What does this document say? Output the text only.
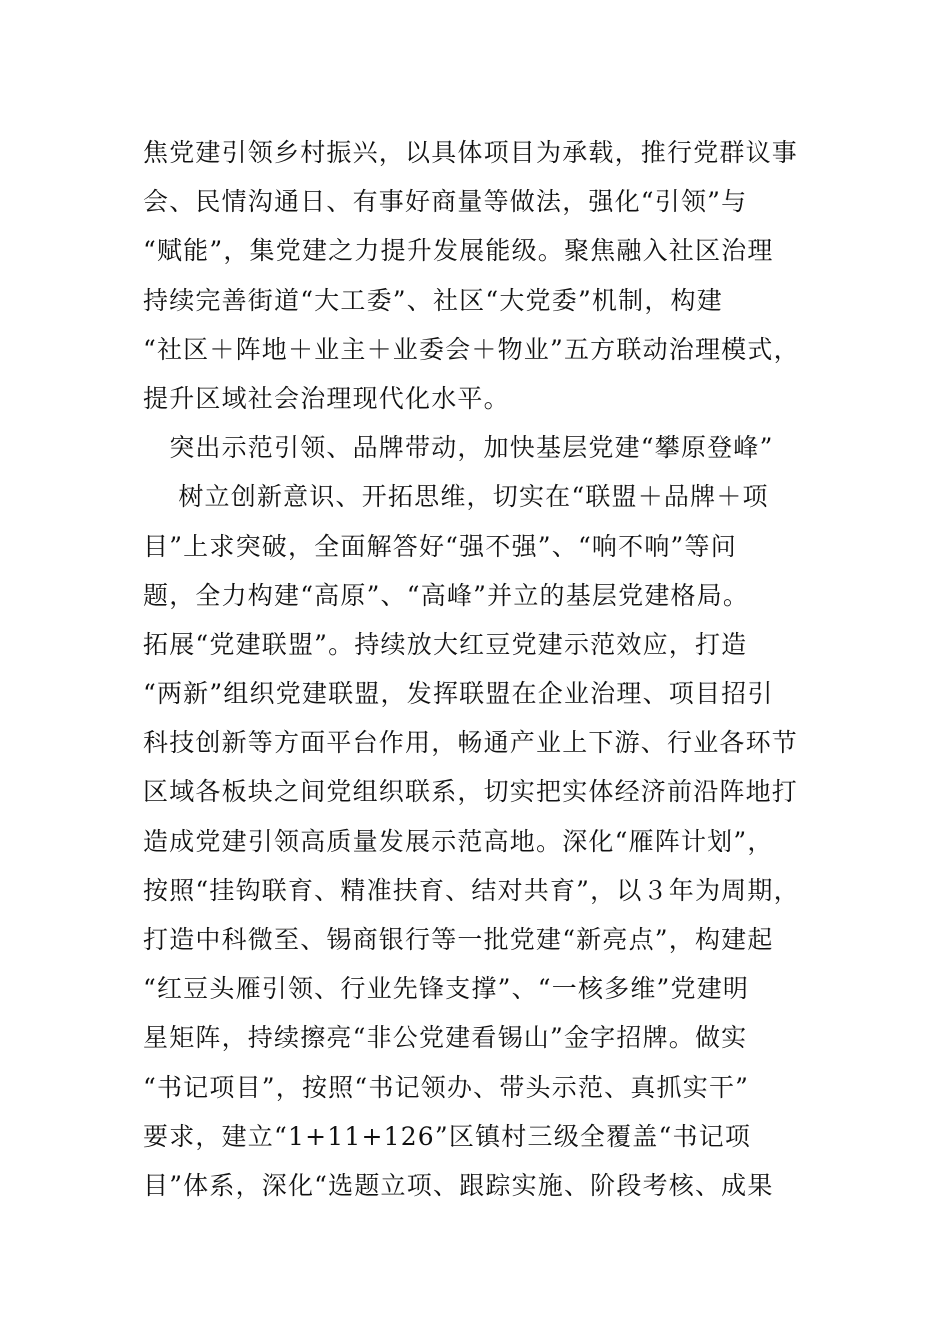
焦党建引领乡村振兴，以具体项目为承载，推行党群议事
会、民情沟通日、有事好商量等做法，强化“引领”与
“赋能”，集党建之力提升发展能级。聚焦融入社区治理
持续完善街道“大工委”、社区“大党委”机制，构建
“社区＋阵地＋业主＋业委会＋物业”五方联动治理模式，
提升区域社会治理现代化水平。
　突出示范引领、品牌带动，加快基层党建“攀原登峰”
　 树立创新意识、开拓思维，切实在“联盟＋品牌＋项
目”上求突破，全面解答好“强不强”、“响不响”等问
题，全力构建“高原”、“高峰”并立的基层党建格局。
拓展“党建联盟”。持续放大红豆党建示范效应，打造
“两新”组织党建联盟，发挥联盟在企业治理、项目招引
科技创新等方面平台作用，畅通产业上下游、行业各环节
区域各板块之间党组织联系，切实把实体经济前沿阵地打
造成党建引领高质量发展示范高地。深化“雁阵计划”，
按照“挂钩联育、精准扶育、结对共育”，以３年为周期，
打造中科微至、锡商银行等一批党建“新亮点”，构建起
“红豆头雁引领、行业先锋支撑”、“一核多维”党建明
星矩阵，持续擦亮“非公党建看锡山”金字招牌。做实
“书记项目”，按照“书记领办、带头示范、真抓实干”
要求，建立“1+11+126”区镇村三级全覆盖“书记项
目”体系，深化“选题立项、跟踪实施、阶段考核、成果
